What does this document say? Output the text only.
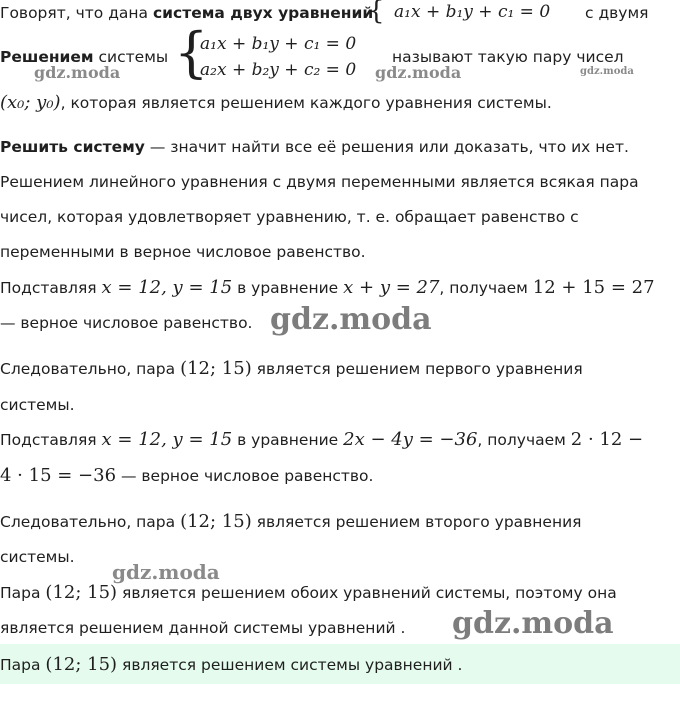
Говорят, что дана система двух уравнений
{ a₁x + b₁y + c₁ = 0 с двумя
Решением системы {
a₁x + b₁y + c₁ = 0
a₂x + b₂y + c₂ = 0
называют такую пару чисел
(x₀; y₀), которая является решением каждого уравнения системы.
Решить систему — значит найти все её решения или доказать, что их нет.
Решением линейного уравнения с двумя переменными является всякая пара
чисел, которая удовлетворяет уравнению, т. е. обращает равенство с
переменными в верное числовое равенство.
Подставляя x = 12, y = 15 в уравнение x + y = 27, получаем 12 + 15 = 27
— верное числовое равенство.
Следовательно, пара (12; 15) является решением первого уравнения
системы.
Подставляя x = 12, y = 15 в уравнение 2x − 4y = −36, получаем 2 · 12 −
4 · 15 = −36 — верное числовое равенство.
Следовательно, пара (12; 15) является решением второго уравнения
системы.
Пара (12; 15) является решением обоих уравнений системы, поэтому она
является решением данной системы уравнений .
Пара (12; 15) является решением системы уравнений .
gdz.moda	gdz.moda	gdz.moda
gdz.moda
gdz.moda
gdz.moda
